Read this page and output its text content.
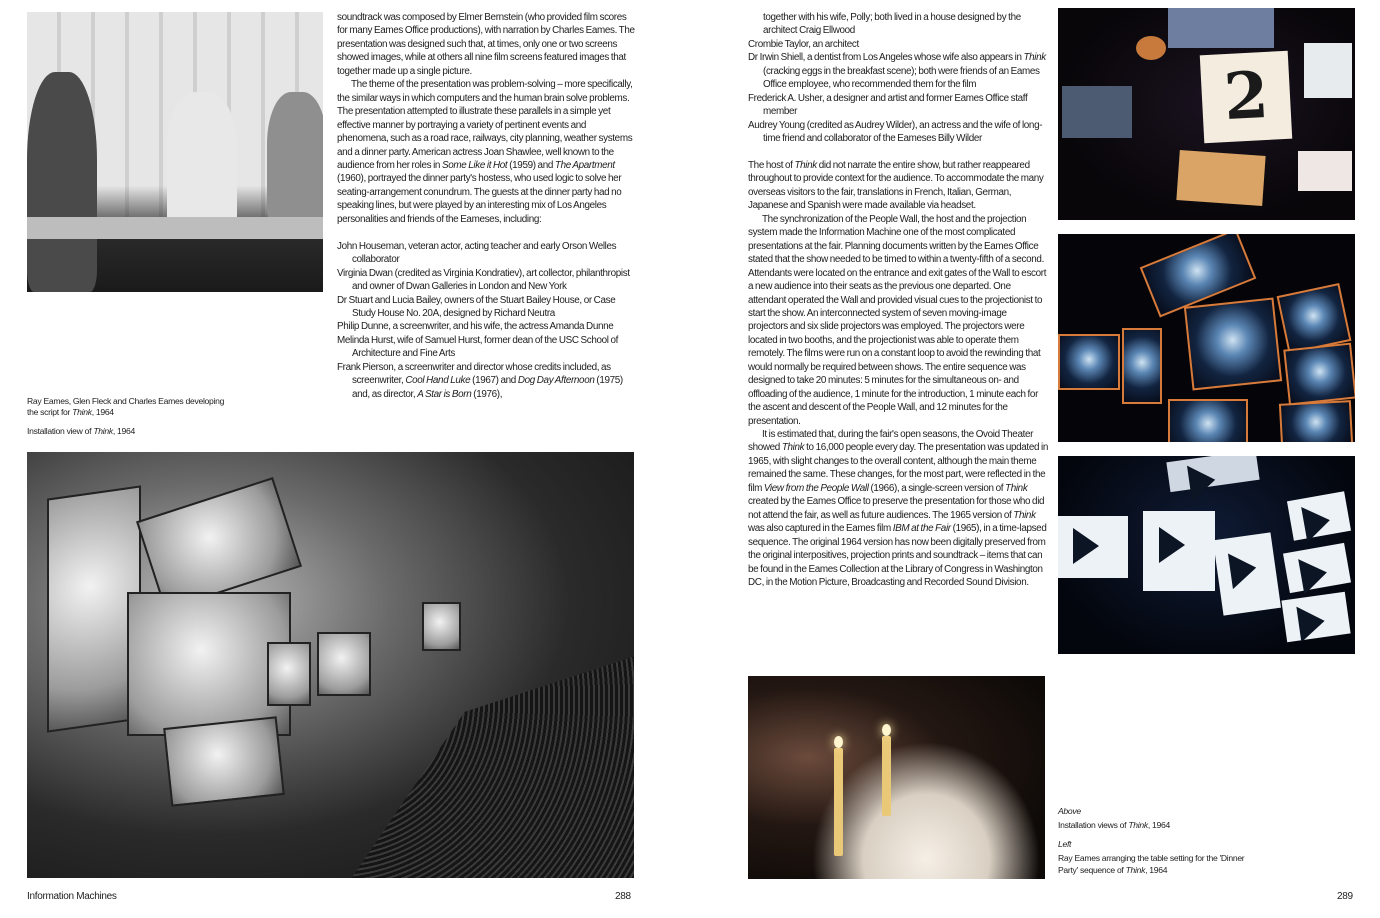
soundtrack was composed by Elmer Bernstein (who provided film scores for many Eames Office productions), with narration by Charles Eames. The presentation was designed such that, at times, only one or two screens showed images, while at others all nine film screens featured images that together made up a single picture.

The theme of the presentation was problem-solving – more specifically, the similar ways in which computers and the human brain solve problems. The presentation attempted to illustrate these parallels in a simple yet effective manner by portraying a variety of pertinent events and phenomena, such as a road race, railways, city planning, weather systems and a dinner party. American actress Joan Shawlee, well known to the audience from her roles in Some Like it Hot (1959) and The Apartment (1960), portrayed the dinner party's hostess, who used logic to solve her seating-arrangement conundrum. The guests at the dinner party had no speaking lines, but were played by an interesting mix of Los Angeles personalities and friends of the Eameses, including:

John Houseman, veteran actor, acting teacher and early Orson Welles collaborator

Virginia Dwan (credited as Virginia Kondratiev), art collector, philanthropist and owner of Dwan Galleries in London and New York

Dr Stuart and Lucia Bailey, owners of the Stuart Bailey House, or Case Study House No. 20A, designed by Richard Neutra

Philip Dunne, a screenwriter, and his wife, the actress Amanda Dunne

Melinda Hurst, wife of Samuel Hurst, former dean of the USC School of Architecture and Fine Arts

Frank Pierson, a screenwriter and director whose credits included, as screenwriter, Cool Hand Luke (1967) and Dog Day Afternoon (1975) and, as director, A Star is Born (1976),

Ray Eames, Glen Fleck and Charles Eames developing the script for Think, 1964

Installation view of Think, 1964

Information Machines	288

together with his wife, Polly; both lived in a house designed by the architect Craig Ellwood

Crombie Taylor, an architect

Dr Irwin Shiell, a dentist from Los Angeles whose wife also appears in Think (cracking eggs in the breakfast scene); both were friends of an Eames Office employee, who recommended them for the film

Frederick A. Usher, a designer and artist and former Eames Office staff member

Audrey Young (credited as Audrey Wilder), an actress and the wife of long-time friend and collaborator of the Eameses Billy Wilder

The host of Think did not narrate the entire show, but rather reappeared throughout to provide context for the audience. To accommodate the many overseas visitors to the fair, translations in French, Italian, German, Japanese and Spanish were made available via headset.

The synchronization of the People Wall, the host and the projection system made the Information Machine one of the most complicated presentations at the fair. Planning documents written by the Eames Office stated that the show needed to be timed to within a twenty-fifth of a second. Attendants were located on the entrance and exit gates of the Wall to escort a new audience into their seats as the previous one departed. One attendant operated the Wall and provided visual cues to the projectionist to start the show. An interconnected system of seven moving-image projectors and six slide projectors was employed. The projectors were located in two booths, and the projectionist was able to operate them remotely. The films were run on a constant loop to avoid the rewinding that would normally be required between shows. The entire sequence was designed to take 20 minutes: 5 minutes for the simultaneous on- and offloading of the audience, 1 minute for the introduction, 1 minute each for the ascent and descent of the People Wall, and 12 minutes for the presentation.

It is estimated that, during the fair's open seasons, the Ovoid Theater showed Think to 16,000 people every day. The presentation was updated in 1965, with slight changes to the overall content, although the main theme remained the same. These changes, for the most part, were reflected in the film View from the People Wall (1966), a single-screen version of Think created by the Eames Office to preserve the presentation for those who did not attend the fair, as well as future audiences. The 1965 version of Think was also captured in the Eames film IBM at the Fair (1965), in a time-lapsed sequence. The original 1964 version has now been digitally preserved from the original interpositives, projection prints and soundtrack – items that can be found in the Eames Collection at the Library of Congress in Washington DC, in the Motion Picture, Broadcasting and Recorded Sound Division.

2

Above

Installation views of Think, 1964

Left

Ray Eames arranging the table setting for the 'Dinner Party' sequence of Think, 1964

289
